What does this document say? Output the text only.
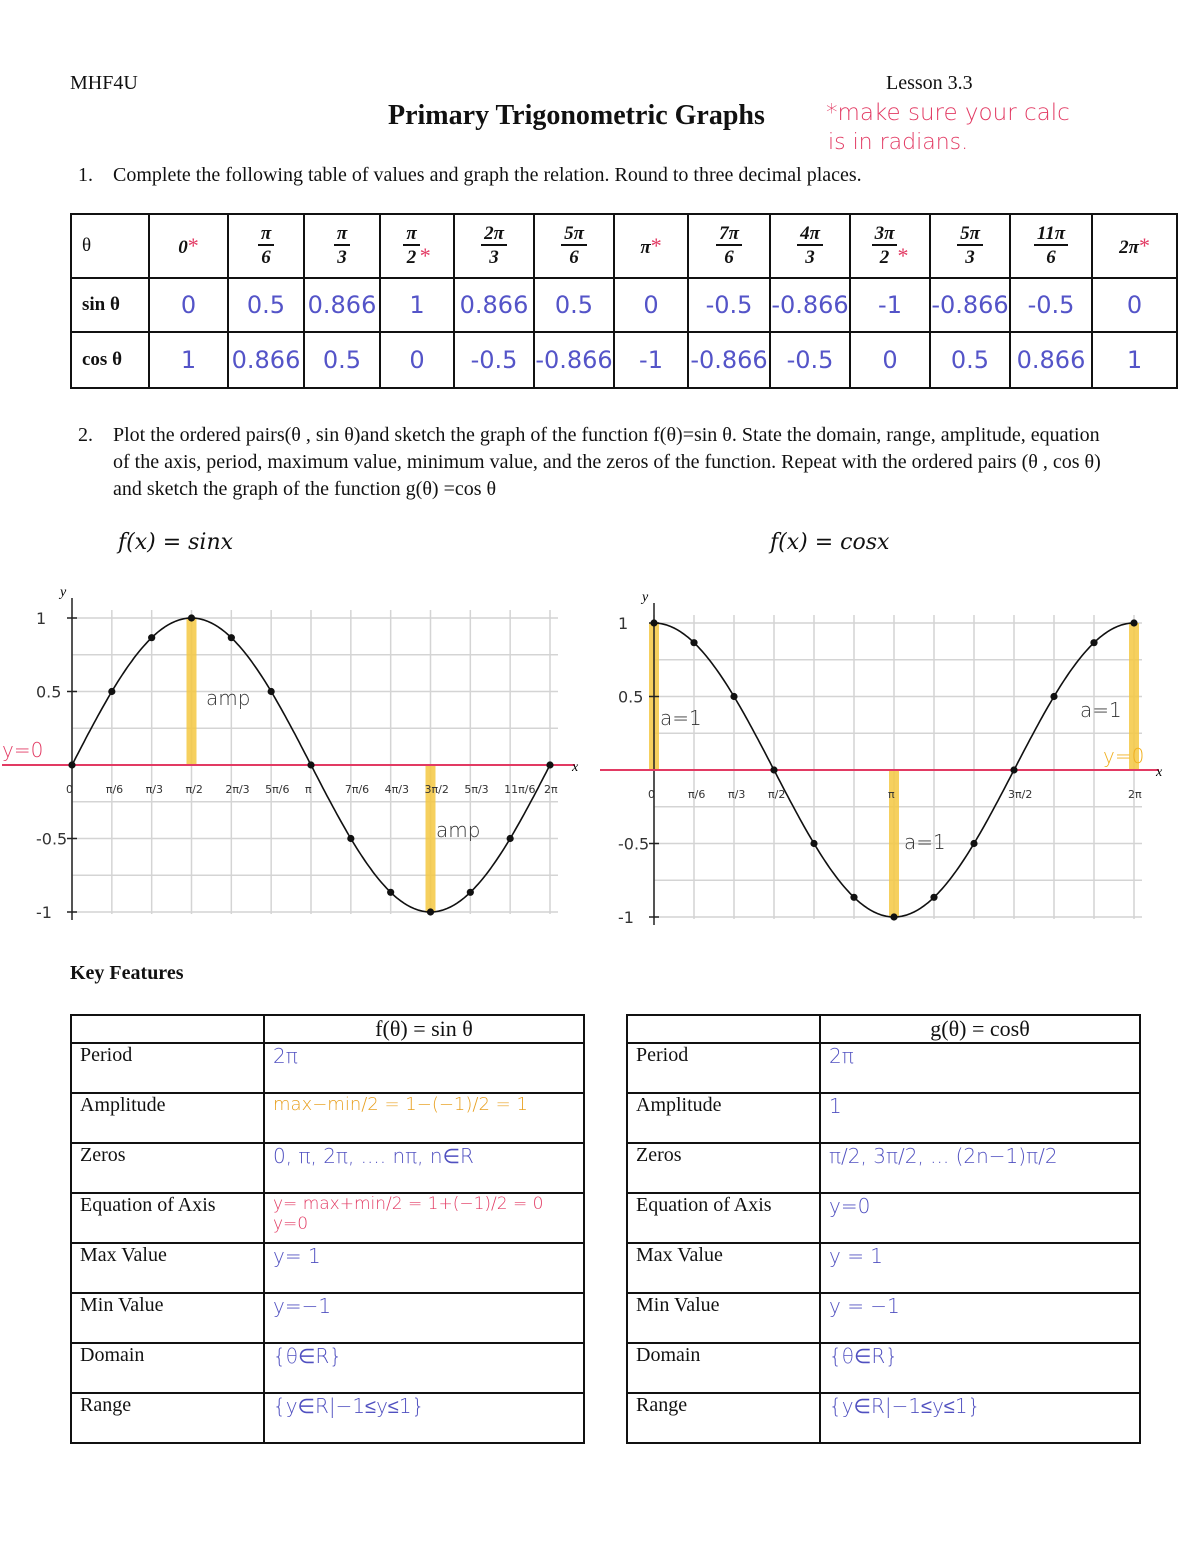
MHF4U	Lesson 3.3
Primary Trigonometric Graphs	*make sure your calc
is in radians.
1. Complete the following table of values and graph the relation. Round to three decimal places.
θ	0*	$\frac{\pi}{6}$	$\frac{\pi}{3}$	$\frac{\pi}{2}$ *	$\frac{2\pi}{3}$	$\frac{5\pi}{6}$	π*	$\frac{7\pi}{6}$	$\frac{4\pi}{3}$	$\frac{3\pi}{2}$ *	$\frac{5\pi}{3}$	$\frac{11\pi}{6}$	2π*
sin θ	0	0.5	0.866	1	0.866	0.5	0	-0.5	-0.866	-1	-0.866	-0.5	0
cos θ	1	0.866	0.5	0	-0.5	-0.866	-1	-0.866	-0.5	0	0.5	0.866	1
2. Plot the ordered pairs(θ , sin θ)and sketch the graph of the function f(θ)=sin θ. State the domain, range, amplitude, equation of the axis, period, maximum value, minimum value, and the zeros of the function. Repeat with the ordered pairs (θ , cos θ) and sketch the graph of the function g(θ) =cos θ
f(x) = sinx	f(x) = cosx
y
x
1
0.5
-0.5
-1
0	π/6 π/3 π/2 2π/3 5π/6 π	7π/6 4π/3 3π/2 5π/3 11π/6 2π
y=0
amp
amp
y
x
1
0.5
-0.5
-1
0	π/6 π/3 π/2	π	3π/2	2π
a=1	a=1
a=1
y=0
Key Features
	f(θ) = sin θ
Period	2π
Amplitude	max−min/2 = 1−(−1)/2 = 1
Zeros	0, π, 2π, .... nπ, n∈R
Equation of Axis	y= max+min/2 = 1+(−1)/2 = 0 y=0
Max Value	y= 1
Min Value	y=−1
Domain	{θ∈R}
Range	{y∈R|−1≤y≤1}
	g(θ) = cosθ
Period	2π
Amplitude	1
Zeros	π/2, 3π/2, ... (2n−1)π/2
Equation of Axis	y=0
Max Value	y = 1
Min Value	y = −1
Domain	{θ∈R}
Range	{y∈R|−1≤y≤1}
